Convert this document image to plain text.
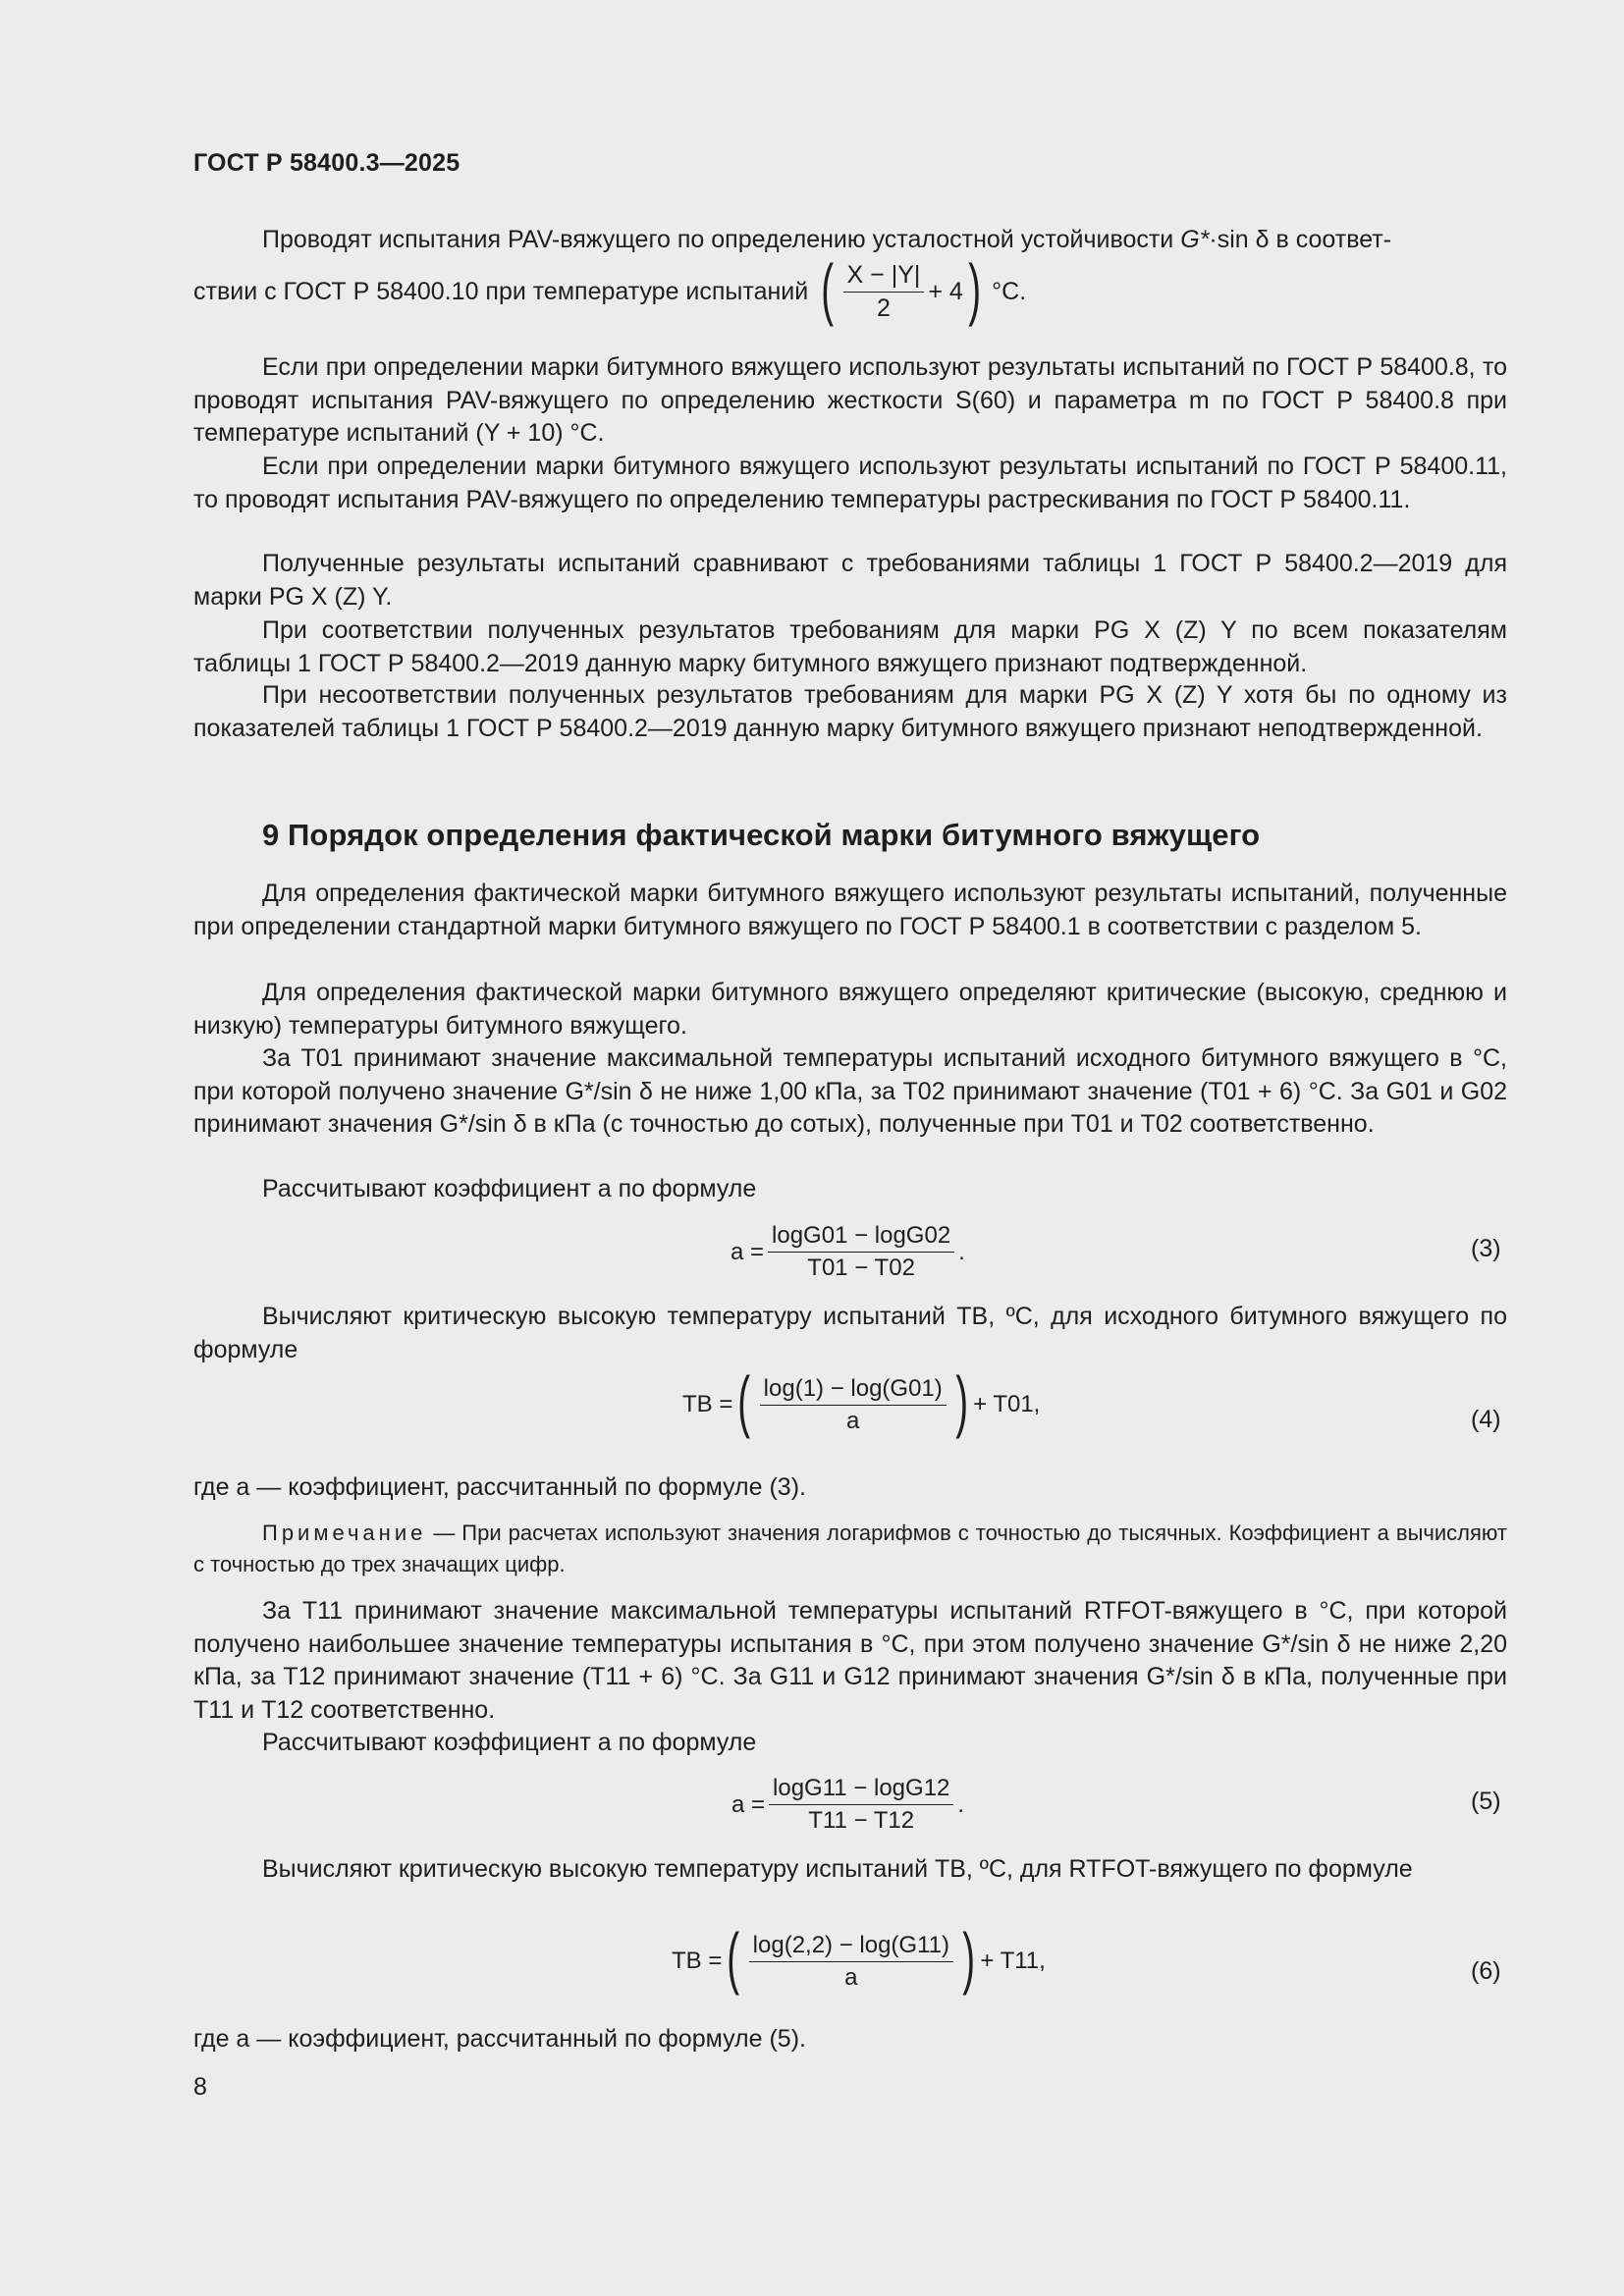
ГОСТ Р 58400.3—2025
Проводят испытания PAV-вяжущего по определению усталостной устойчивости G*·sin δ в соответ-
ствии с ГОСТ Р 58400.10 при температуре испытаний ( $\frac{X - |Y|}{2} + 4$ ) °C.
Если при определении марки битумного вяжущего используют результаты испытаний по ГОСТ Р 58400.8, то проводят испытания PAV-вяжущего по определению жесткости S(60) и параметра m по ГОСТ Р 58400.8 при температуре испытаний (Y + 10) °С.
Если при определении марки битумного вяжущего используют результаты испытаний по ГОСТ Р 58400.11, то проводят испытания PAV-вяжущего по определению температуры растрескивания по ГОСТ Р 58400.11.
Полученные результаты испытаний сравнивают с требованиями таблицы 1 ГОСТ Р 58400.2—2019 для марки PG X (Z) Y.
При соответствии полученных результатов требованиям для марки PG X (Z) Y по всем показателям таблицы 1 ГОСТ Р 58400.2—2019 данную марку битумного вяжущего признают подтвержденной.
При несоответствии полученных результатов требованиям для марки PG X (Z) Y хотя бы по одному из показателей таблицы 1 ГОСТ Р 58400.2—2019 данную марку битумного вяжущего признают неподтвержденной.
9 Порядок определения фактической марки битумного вяжущего
Для определения фактической марки битумного вяжущего используют результаты испытаний, полученные при определении стандартной марки битумного вяжущего по ГОСТ Р 58400.1 в соответствии с разделом 5.
Для определения фактической марки битумного вяжущего определяют критические (высокую, среднюю и низкую) температуры битумного вяжущего.
За T01 принимают значение максимальной температуры испытаний исходного битумного вяжущего в °C, при которой получено значение G*/sin δ не ниже 1,00 кПа, за T02 принимают значение (T01 + 6) °С. За G01 и G02 принимают значения G*/sin δ в кПа (с точностью до сотых), полученные при T01 и T02 соответственно.
Рассчитывают коэффициент a по формуле
$a = \frac{\log G01 - \log G02}{T01 - T02}$ .	(3)
Вычисляют критическую высокую температуру испытаний TB, ºС, для исходного битумного вяжущего по формуле
TB = ( $\frac{\log(1) - \log(G01)}{a}$ ) + T01,
(4)
где a — коэффициент, рассчитанный по формуле (3).
Примечание — При расчетах используют значения логарифмов с точностью до тысячных. Коэффициент a вычисляют с точностью до трех значащих цифр.
За T11 принимают значение максимальной температуры испытаний RTFOT-вяжущего в °C, при которой получено наибольшее значение температуры испытания в °С, при этом получено значение G*/sin δ не ниже 2,20 кПа, за T12 принимают значение (T11 + 6) °С. За G11 и G12 принимают значения G*/sin δ в кПа, полученные при T11 и T12 соответственно.
Рассчитывают коэффициент a по формуле
$a = \frac{\log G11 - \log G12}{T11 - T12}$ .	(5)
Вычисляют критическую высокую температуру испытаний TB, ºС, для RTFOT-вяжущего по формуле
TB = ( $\frac{\log(2,2) - \log(G11)}{a}$ ) + T11,	(6)
где a — коэффициент, рассчитанный по формуле (5).
8
